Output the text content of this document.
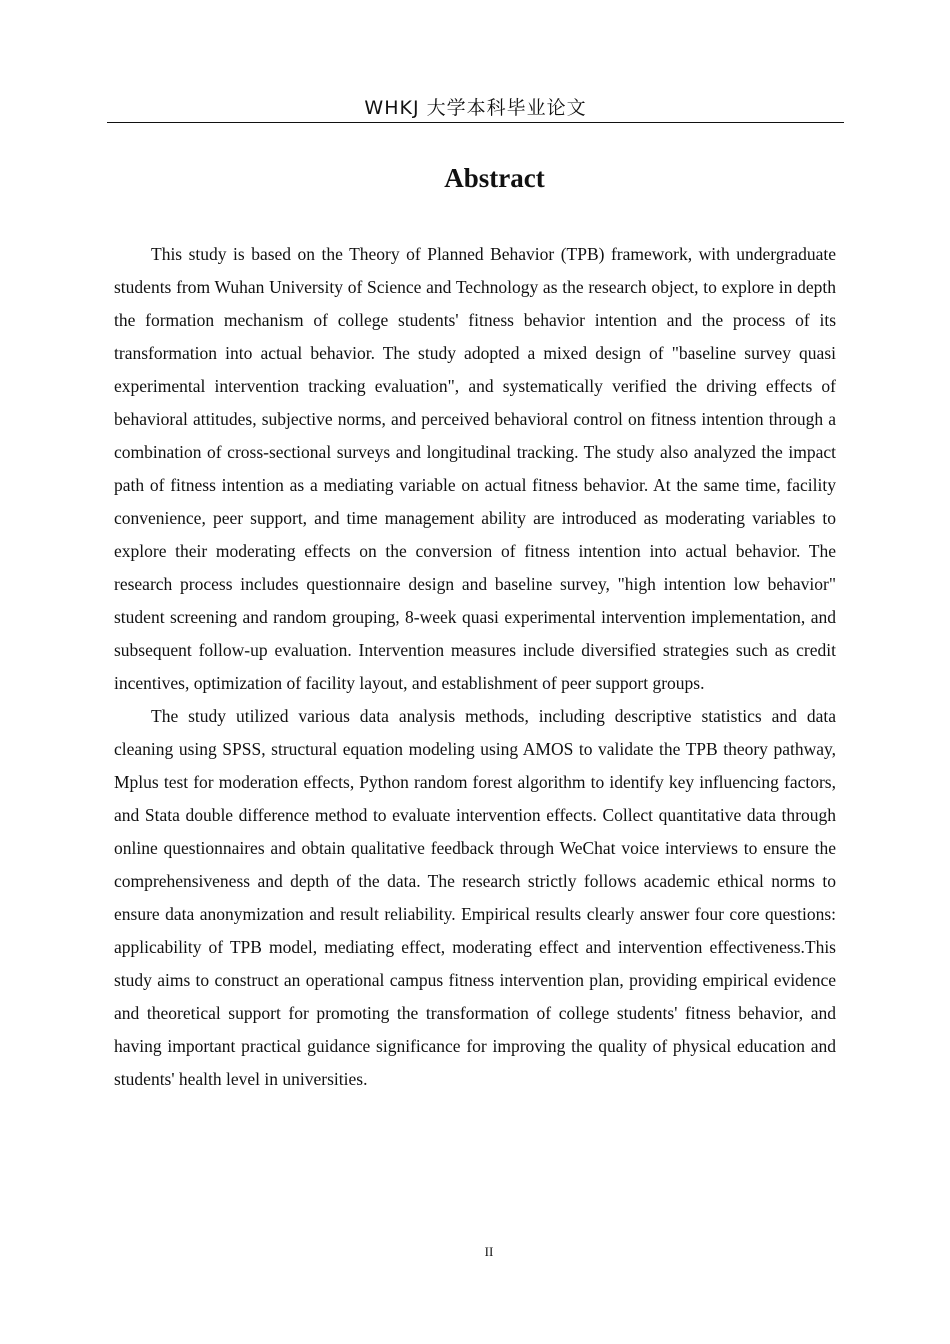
WHKJ 大学本科毕业论文
Abstract

This study is based on the Theory of Planned Behavior (TPB) framework, with undergraduate students from Wuhan University of Science and Technology as the research object, to explore in depth the formation mechanism of college students' fitness behavior intention and the process of its transformation into actual behavior. The study adopted a mixed design of "baseline survey quasi experimental intervention tracking evaluation", and systematically verified the driving effects of behavioral attitudes, subjective norms, and perceived behavioral control on fitness intention through a combination of cross-sectional surveys and longitudinal tracking. The study also analyzed the impact path of fitness intention as a mediating variable on actual fitness behavior. At the same time, facility convenience, peer support, and time management ability are introduced as moderating variables to explore their moderating effects on the conversion of fitness intention into actual behavior. The research process includes questionnaire design and baseline survey, "high intention low behavior" student screening and random grouping, 8-week quasi experimental intervention implementation, and subsequent follow-up evaluation. Intervention measures include diversified strategies such as credit incentives, optimization of facility layout, and establishment of peer support groups.

The study utilized various data analysis methods, including descriptive statistics and data cleaning using SPSS, structural equation modeling using AMOS to validate the TPB theory pathway, Mplus test for moderation effects, Python random forest algorithm to identify key influencing factors, and Stata double difference method to evaluate intervention effects. Collect quantitative data through online questionnaires and obtain qualitative feedback through WeChat voice interviews to ensure the comprehensiveness and depth of the data. The research strictly follows academic ethical norms to ensure data anonymization and result reliability. Empirical results clearly answer four core questions: applicability of TPB model, mediating effect, moderating effect and intervention effectiveness.This study aims to construct an operational campus fitness intervention plan, providing empirical evidence and theoretical support for promoting the transformation of college students' fitness behavior, and having important practical guidance significance for improving the quality of physical education and students' health level in universities.

II
